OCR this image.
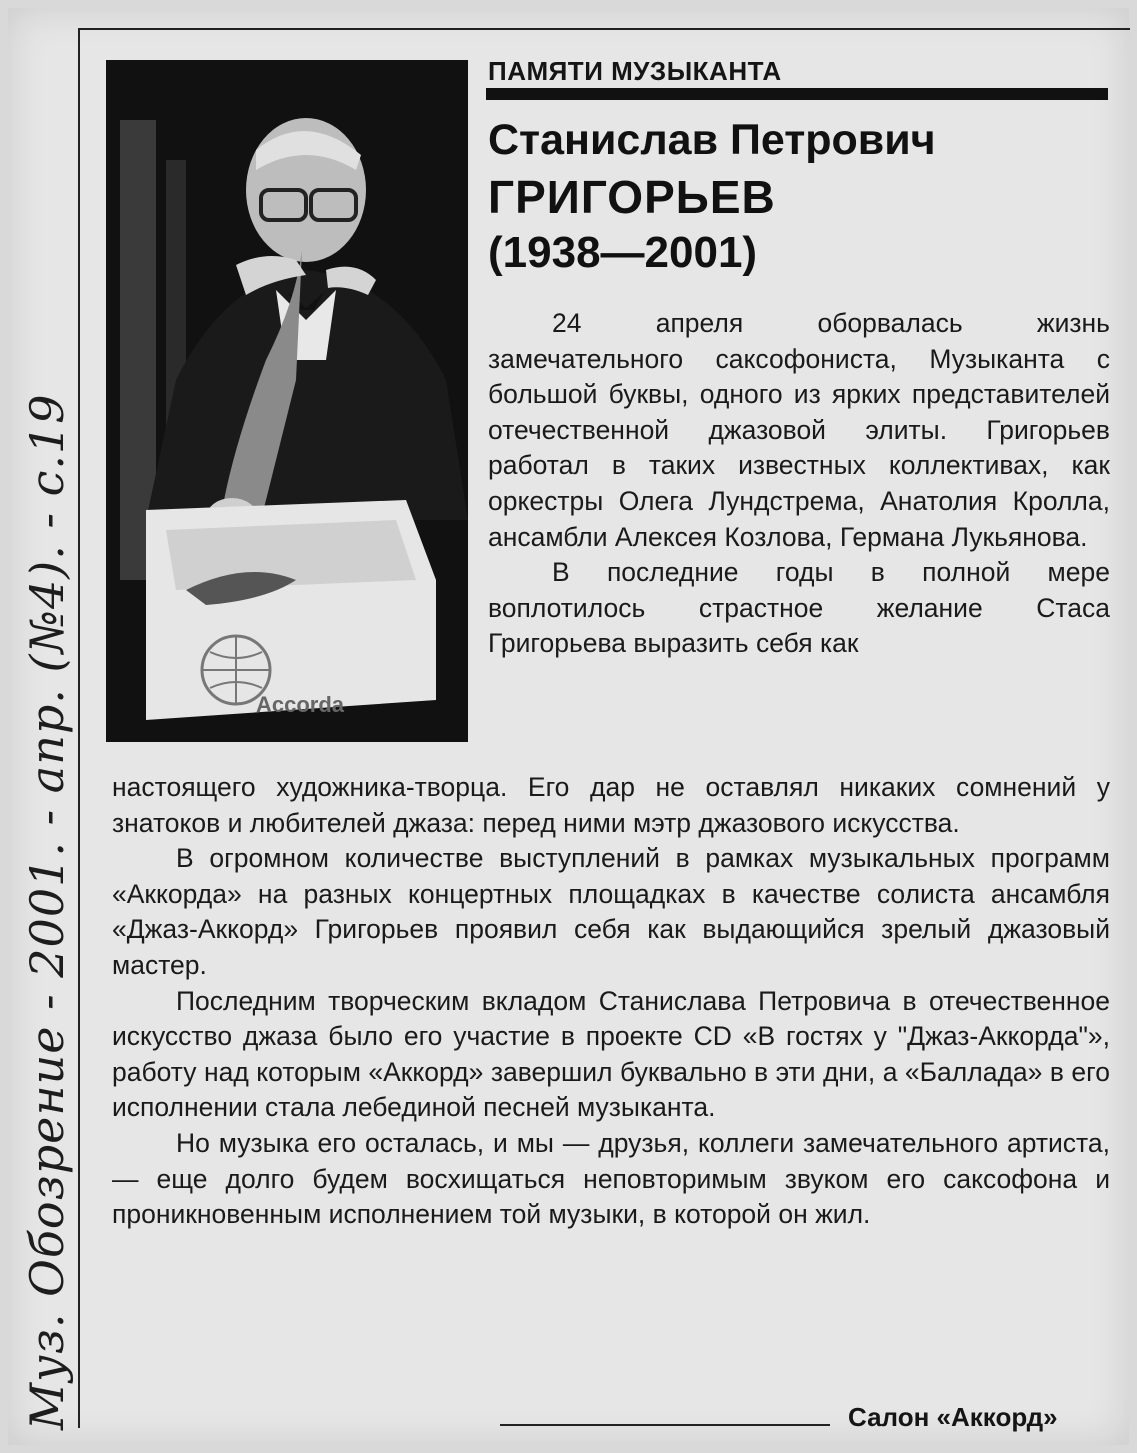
Муз. Обозрение - 2001. - апр. (№4). - с.19	Accorda
ПАМЯТИ МУЗЫКАНТА
Станислав Петрович
ГРИГОРЬЕВ
(1938—2001)

24 апреля оборвалась жизнь замечательного саксофониста, Музыканта с большой буквы, одного из ярких представителей отечественной джазовой элиты. Григорьев работал в таких известных коллективах, как оркестры Олега Лундстрема, Анатолия Кролла, ансамбли Алексея Козлова, Германа Лукьянова.

В последние годы в полной мере воплотилось страстное желание Стаса Григорьева выразить себя как

настоящего художника-творца. Его дар не оставлял никаких сомнений у знатоков и любителей джаза: перед ними мэтр джазового искусства.

В огромном количестве выступлений в рамках музыкальных программ «Аккорда» на разных концертных площадках в качестве солиста ансамбля «Джаз-Аккорд» Григорьев проявил себя как выдающийся зрелый джазовый мастер.

Последним творческим вкладом Станислава Петровича в отечественное искусство джаза было его участие в проекте CD «В гостях у "Джаз-Аккорда"», работу над которым «Аккорд» завершил буквально в эти дни, а «Баллада» в его исполнении стала лебединой песней музыканта.

Но музыка его осталась, и мы — друзья, коллеги замечательного артиста, — еще долго будем восхищаться неповторимым звуком его саксофона и проникновенным исполнением той музыки, в которой он жил.

Салон «Аккорд»
